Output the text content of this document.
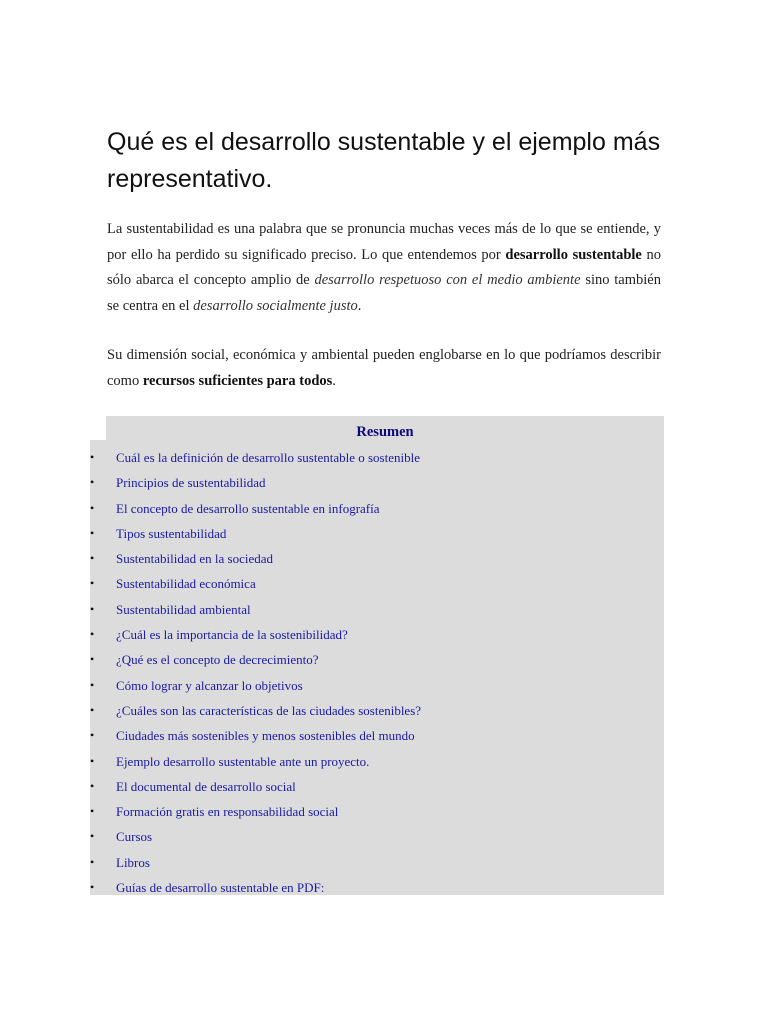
Qué es el desarrollo sustentable y el ejemplo más representativo.

La sustentabilidad es una palabra que se pronuncia muchas veces más de lo que se entiende, y por ello ha perdido su significado preciso. Lo que entendemos por desarrollo sustentable no sólo abarca el concepto amplio de desarrollo respetuoso con el medio ambiente sino también se centra en el desarrollo socialmente justo.

Su dimensión social, económica y ambiental pueden englobarse en lo que podríamos describir como recursos suficientes para todos.

Resumen
•	Cuál es la definición de desarrollo sustentable o sostenible
•	Principios de sustentabilidad
•	El concepto de desarrollo sustentable en infografía
•	Tipos sustentabilidad
•	Sustentabilidad en la sociedad
•	Sustentabilidad económica
•	Sustentabilidad ambiental
•	¿Cuál es la importancia de la sostenibilidad?
•	¿Qué es el concepto de decrecimiento?
•	Cómo lograr y alcanzar lo objetivos
•	¿Cuáles son las características de las ciudades sostenibles?
•	Ciudades más sostenibles y menos sostenibles del mundo
•	Ejemplo desarrollo sustentable ante un proyecto.
•	El documental de desarrollo social
•	Formación gratis en responsabilidad social
•	Cursos
•	Libros
•	Guías de desarrollo sustentable en PDF:
